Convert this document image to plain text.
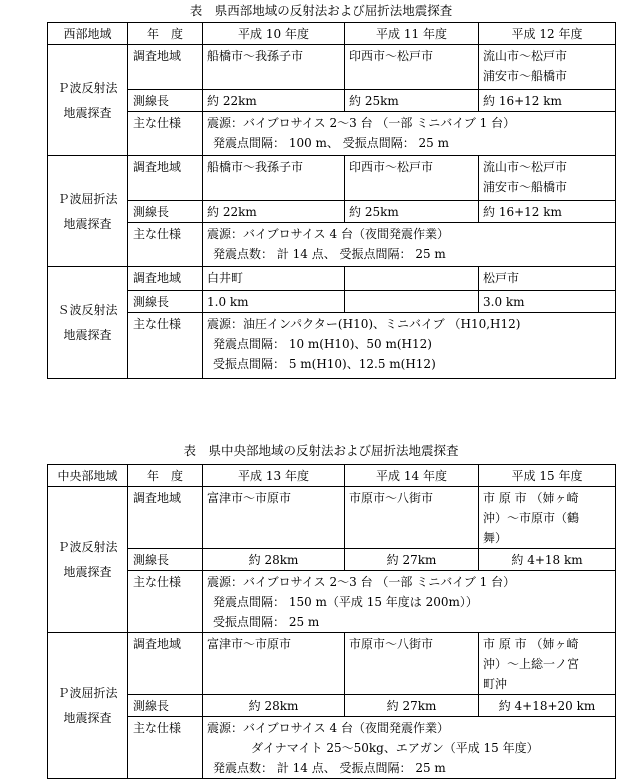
表　県西部地域の反射法および屈折法地震探査
西部地域	年　度	平成 10 年度	平成 11 年度	平成 12 年度

Ｐ波反射法
地震探査	調査地域	船橋市～我孫子市	印西市～松戸市	流山市～松戸市
浦安市～船橋市
	測線長	約 22km	約 25km	約 16+12 km
	主な仕様	震源：バイブロサイス 2～3 台 （一部 ミニバイブ 1 台）
発震点間隔： 100 m、 受振点間隔： 25 m		

Ｐ波屈折法
地震探査	調査地域	船橋市～我孫子市	印西市～松戸市	流山市～松戸市
浦安市～船橋市
	測線長	約 22km	約 25km	約 16+12 km
	主な仕様	震源：バイブロサイス 4 台（夜間発震作業）
発震点数： 計 14 点、 受振点間隔： 25 m		

Ｓ波反射法
地震探査	調査地域	白井町		松戸市
	測線長	1.0 km		3.0 km
	主な仕様	震源：油圧インパクター(H10)、ミニバイブ （H10,H12)
発震点間隔： 10 m(H10)、50 m(H12)
受振点間隔： 5 m(H10)、12.5 m(H12)		
表　県中央部地域の反射法および屈折法地震探査
中央部地域	年　度	平成 13 年度	平成 14 年度	平成 15 年度

Ｐ波反射法
地震探査	調査地域	富津市～市原市	市原市～八街市	市 原 市 （姉ヶ崎
沖）～市原市（鶴
舞）
	測線長	約 28km	約 27km	約 4+18 km
	主な仕様	震源：バイブロサイス 2～3 台 （一部 ミニバイブ 1 台）
発震点間隔： 150 m（平成 15 年度は 200m））
受振点間隔： 25 m		

Ｐ波屈折法
地震探査	調査地域	富津市～市原市	市原市～八街市	市 原 市 （姉ヶ崎
沖）～上総一ノ宮
町沖
	測線長	約 28km	約 27km	約 4+18+20 km
	主な仕様	震源：バイブロサイス 4 台（夜間発震作業）
ダイナマイト 25～50kg、エアガン（平成 15 年度）
発震点数： 計 14 点、 受振点間隔： 25 m		
